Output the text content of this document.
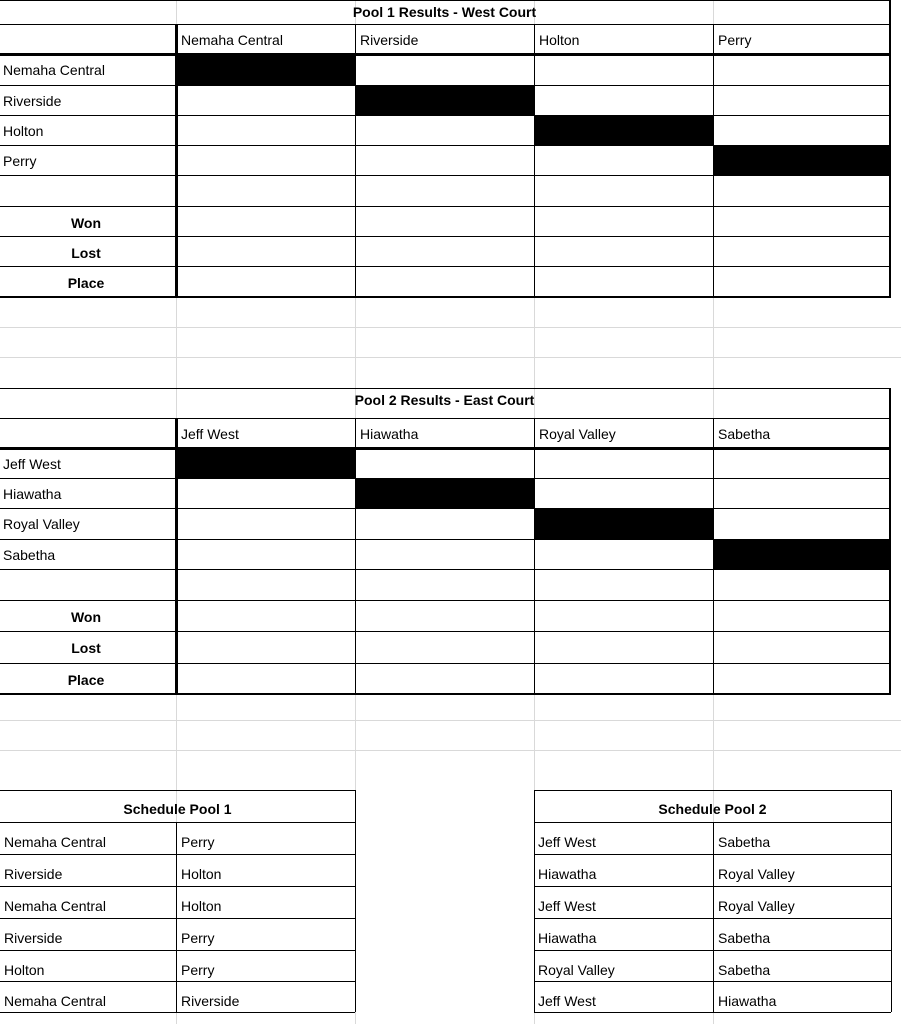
Pool 1 Results - West Court
Nemaha Central	Riverside	Holton	Perry
Nemaha Central
Riverside
Holton
Perry
Won
Lost
Place
Pool 2 Results - East Court
Jeff West	Hiawatha	Royal Valley	Sabetha
Jeff West
Hiawatha
Royal Valley
Sabetha
Won
Lost
Place
Schedule Pool 1
Nemaha Central	Perry
Riverside	Holton
Nemaha Central	Holton
Riverside	Perry
Holton	Perry
Nemaha Central	Riverside
Schedule Pool 2
Jeff West	Sabetha
Hiawatha	Royal Valley
Jeff West	Royal Valley
Hiawatha	Sabetha
Royal Valley	Sabetha
Jeff West	Hiawatha
